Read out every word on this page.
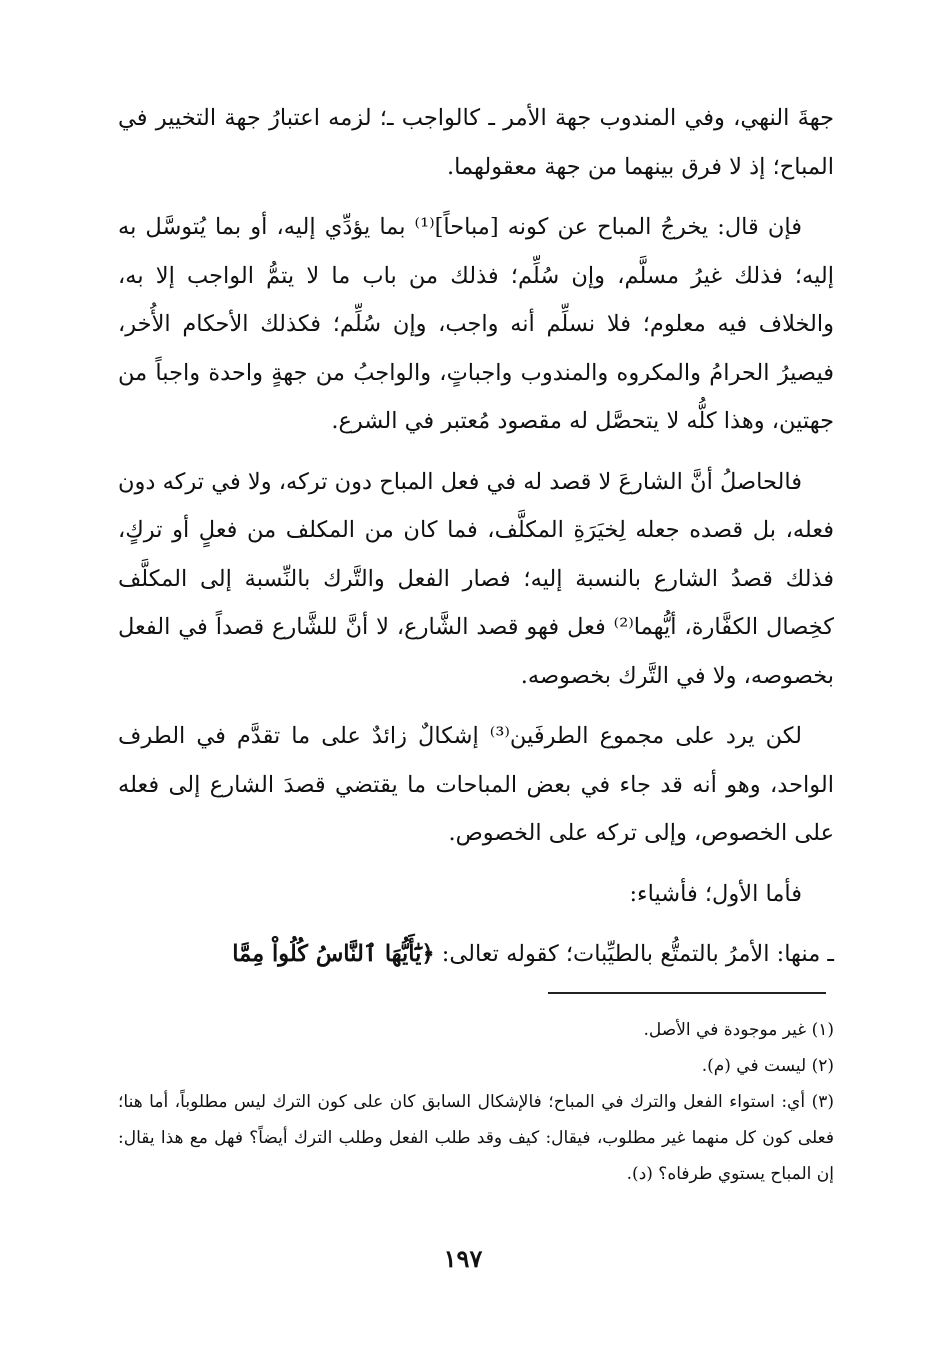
جهةَ النهي، وفي المندوب جهة الأمر ـ كالواجب ـ؛ لزمه اعتبارُ جهة التخيير في المباح؛ إذ لا فرق بينهما من جهة معقولهما.

فإن قال: يخرجُ المباح عن كونه [مباحاً]⁽¹⁾ بما يؤدِّي إليه، أو بما يُتوسَّل به إليه؛ فذلك غيرُ مسلَّم، وإن سُلِّم؛ فذلك من باب ما لا يتمُّ الواجب إلا به، والخلاف فيه معلوم؛ فلا نسلِّم أنه واجب، وإن سُلِّم؛ فكذلك الأحكام الأُخر، فيصيرُ الحرامُ والمكروه والمندوب واجباتٍ، والواجبُ من جهةٍ واحدة واجباً من جهتين، وهذا كلُّه لا يتحصَّل له مقصود مُعتبر في الشرع.

فالحاصلُ أنَّ الشارعَ لا قصد له في فعل المباح دون تركه، ولا في تركه دون فعله، بل قصده جعله لِخيَرَةِ المكلَّف، فما كان من المكلف من فعلٍ أو تركٍ، فذلك قصدُ الشارع بالنسبة إليه؛ فصار الفعل والتَّرك بالنِّسبة إلى المكلَّف كخِصال الكفَّارة، أيُّهما⁽²⁾ فعل فهو قصد الشَّارع، لا أنَّ للشَّارع قصداً في الفعل بخصوصه، ولا في التَّرك بخصوصه.

لكن يرد على مجموع الطرفَين⁽³⁾ إشكالٌ زائدٌ على ما تقدَّم في الطرف الواحد، وهو أنه قد جاء في بعض المباحات ما يقتضي قصدَ الشارع إلى فعله على الخصوص، وإلى تركه على الخصوص.

فأما الأول؛ فأشياء:

ـ منها: الأمرُ بالتمتُّع بالطيِّبات؛ كقوله تعالى: ﴿يَٰٓأَيُّهَا ٱلنَّاسُ كُلُواْ مِمَّا

(١) غير موجودة في الأصل.

(٢) ليست في (م).

(٣) أي: استواء الفعل والترك في المباح؛ فالإشكال السابق كان على كون الترك ليس مطلوباً، أما هنا؛ فعلى كون كل منهما غير مطلوب، فيقال: كيف وقد طلب الفعل وطلب الترك أيضاً؟ فهل مع هذا يقال: إن المباح يستوي طرفاه؟ (د).

١٩٧
